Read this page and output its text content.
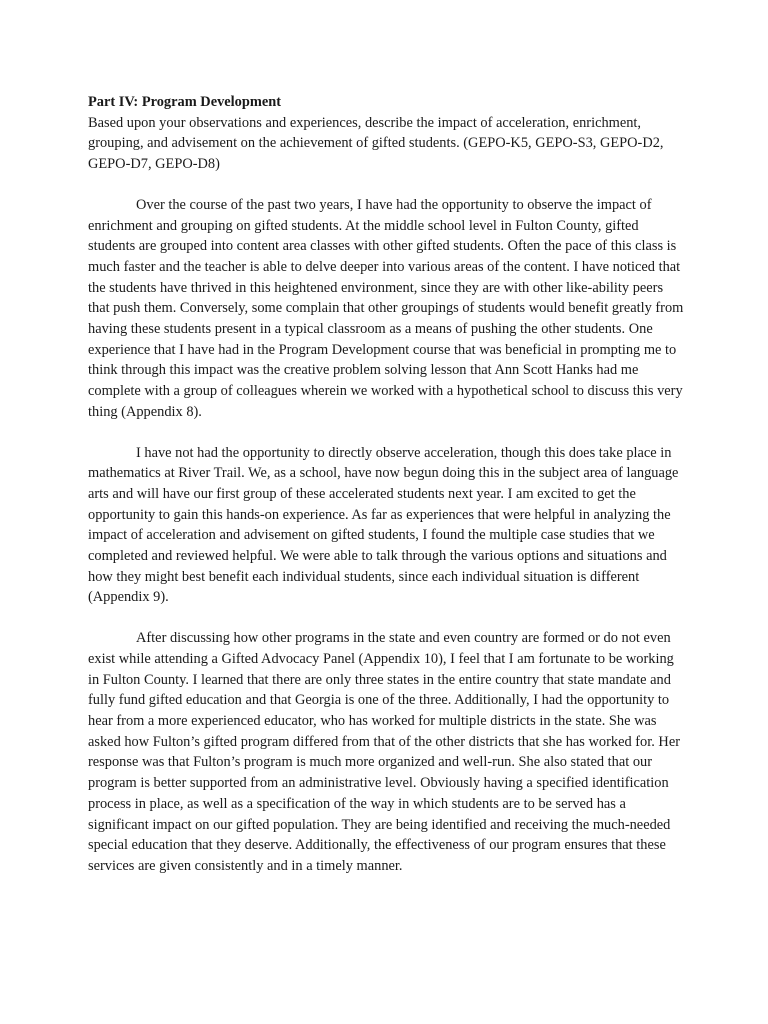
Part IV: Program Development

Based upon your observations and experiences, describe the impact of acceleration, enrichment, grouping, and advisement on the achievement of gifted students. (GEPO-K5, GEPO-S3, GEPO-D2, GEPO-D7, GEPO-D8)

Over the course of the past two years, I have had the opportunity to observe the impact of enrichment and grouping on gifted students. At the middle school level in Fulton County, gifted students are grouped into content area classes with other gifted students. Often the pace of this class is much faster and the teacher is able to delve deeper into various areas of the content. I have noticed that the students have thrived in this heightened environment, since they are with other like-ability peers that push them. Conversely, some complain that other groupings of students would benefit greatly from having these students present in a typical classroom as a means of pushing the other students. One experience that I have had in the Program Development course that was beneficial in prompting me to think through this impact was the creative problem solving lesson that Ann Scott Hanks had me complete with a group of colleagues wherein we worked with a hypothetical school to discuss this very thing (Appendix 8).

I have not had the opportunity to directly observe acceleration, though this does take place in mathematics at River Trail. We, as a school, have now begun doing this in the subject area of language arts and will have our first group of these accelerated students next year. I am excited to get the opportunity to gain this hands-on experience. As far as experiences that were helpful in analyzing the impact of acceleration and advisement on gifted students, I found the multiple case studies that we completed and reviewed helpful. We were able to talk through the various options and situations and how they might best benefit each individual students, since each individual situation is different (Appendix 9).

After discussing how other programs in the state and even country are formed or do not even exist while attending a Gifted Advocacy Panel (Appendix 10), I feel that I am fortunate to be working in Fulton County. I learned that there are only three states in the entire country that state mandate and fully fund gifted education and that Georgia is one of the three. Additionally, I had the opportunity to hear from a more experienced educator, who has worked for multiple districts in the state. She was asked how Fulton’s gifted program differed from that of the other districts that she has worked for. Her response was that Fulton’s program is much more organized and well-run. She also stated that our program is better supported from an administrative level. Obviously having a specified identification process in place, as well as a specification of the way in which students are to be served has a significant impact on our gifted population. They are being identified and receiving the much-needed special education that they deserve. Additionally, the effectiveness of our program ensures that these services are given consistently and in a timely manner.
